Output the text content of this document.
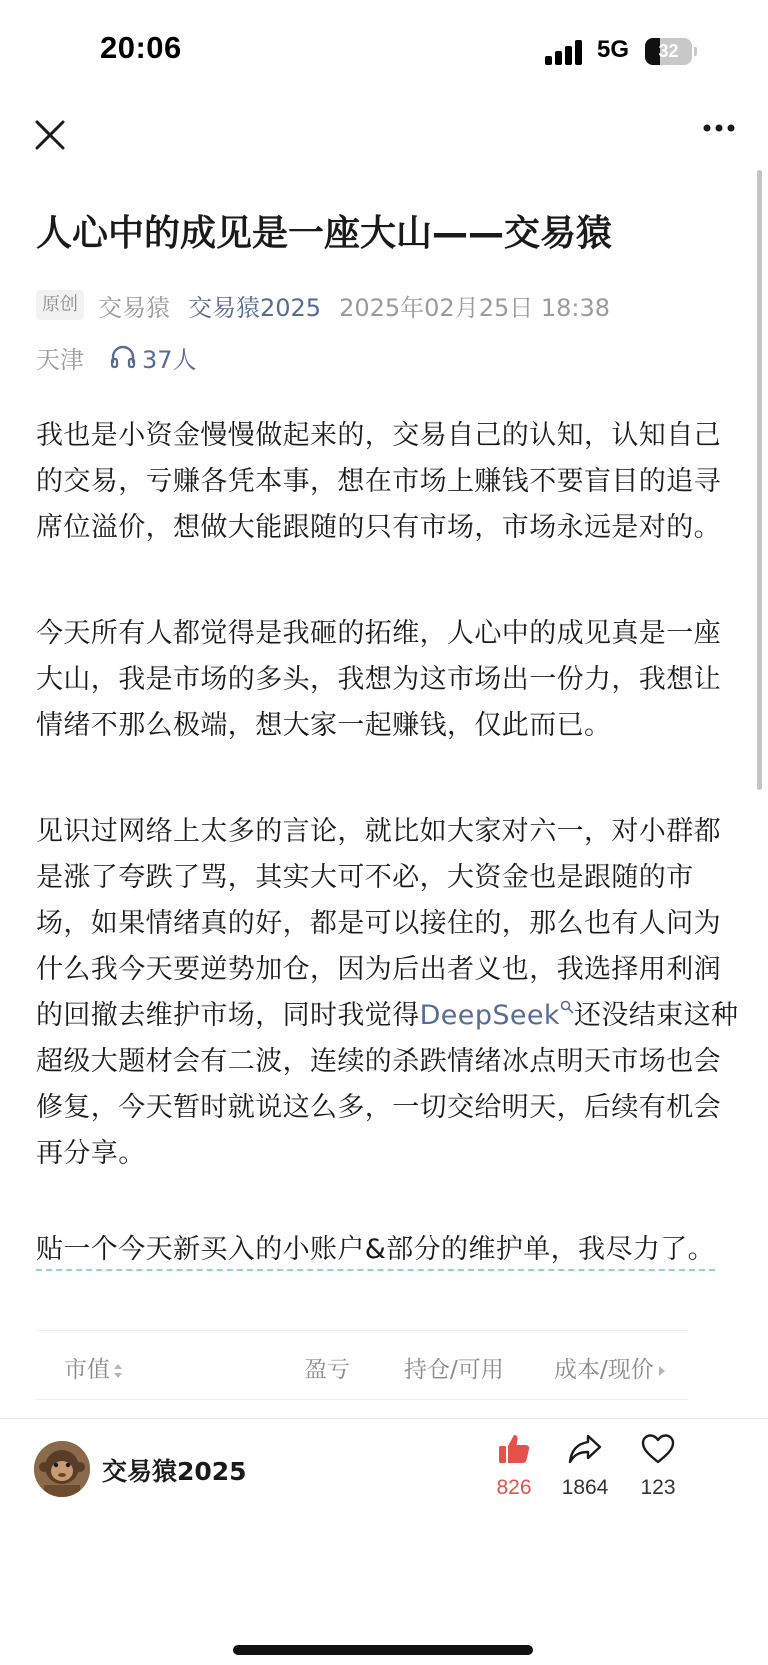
20:06	5G	32
人心中的成见是一座大山——交易猿
原创 交易猿 交易猿2025 2025年02月25日 18:38
天津 37人

我也是小资金慢慢做起来的，交易自己的认知，认知自己的交易，亏赚各凭本事，想在市场上赚钱不要盲目的追寻席位溢价，想做大能跟随的只有市场，市场永远是对的。

今天所有人都觉得是我砸的拓维，人心中的成见真是一座大山，我是市场的多头，我想为这市场出一份力，我想让情绪不那么极端，想大家一起赚钱，仅此而已。

见识过网络上太多的言论，就比如大家对六一，对小群都是涨了夸跌了骂，其实大可不必，大资金也是跟随的市场，如果情绪真的好，都是可以接住的，那么也有人问为什么我今天要逆势加仓，因为后出者义也，我选择用利润的回撤去维护市场，同时我觉得DeepSeek 还没结束这种超级大题材会有二波，连续的杀跌情绪冰点明天市场也会修复，今天暂时就说这么多，一切交给明天，后续有机会再分享。

贴一个今天新买入的小账户&部分的维护单，我尽力了。

市值	盈亏 持仓/可用 成本/现价
交易猿2025
826	1864	123
